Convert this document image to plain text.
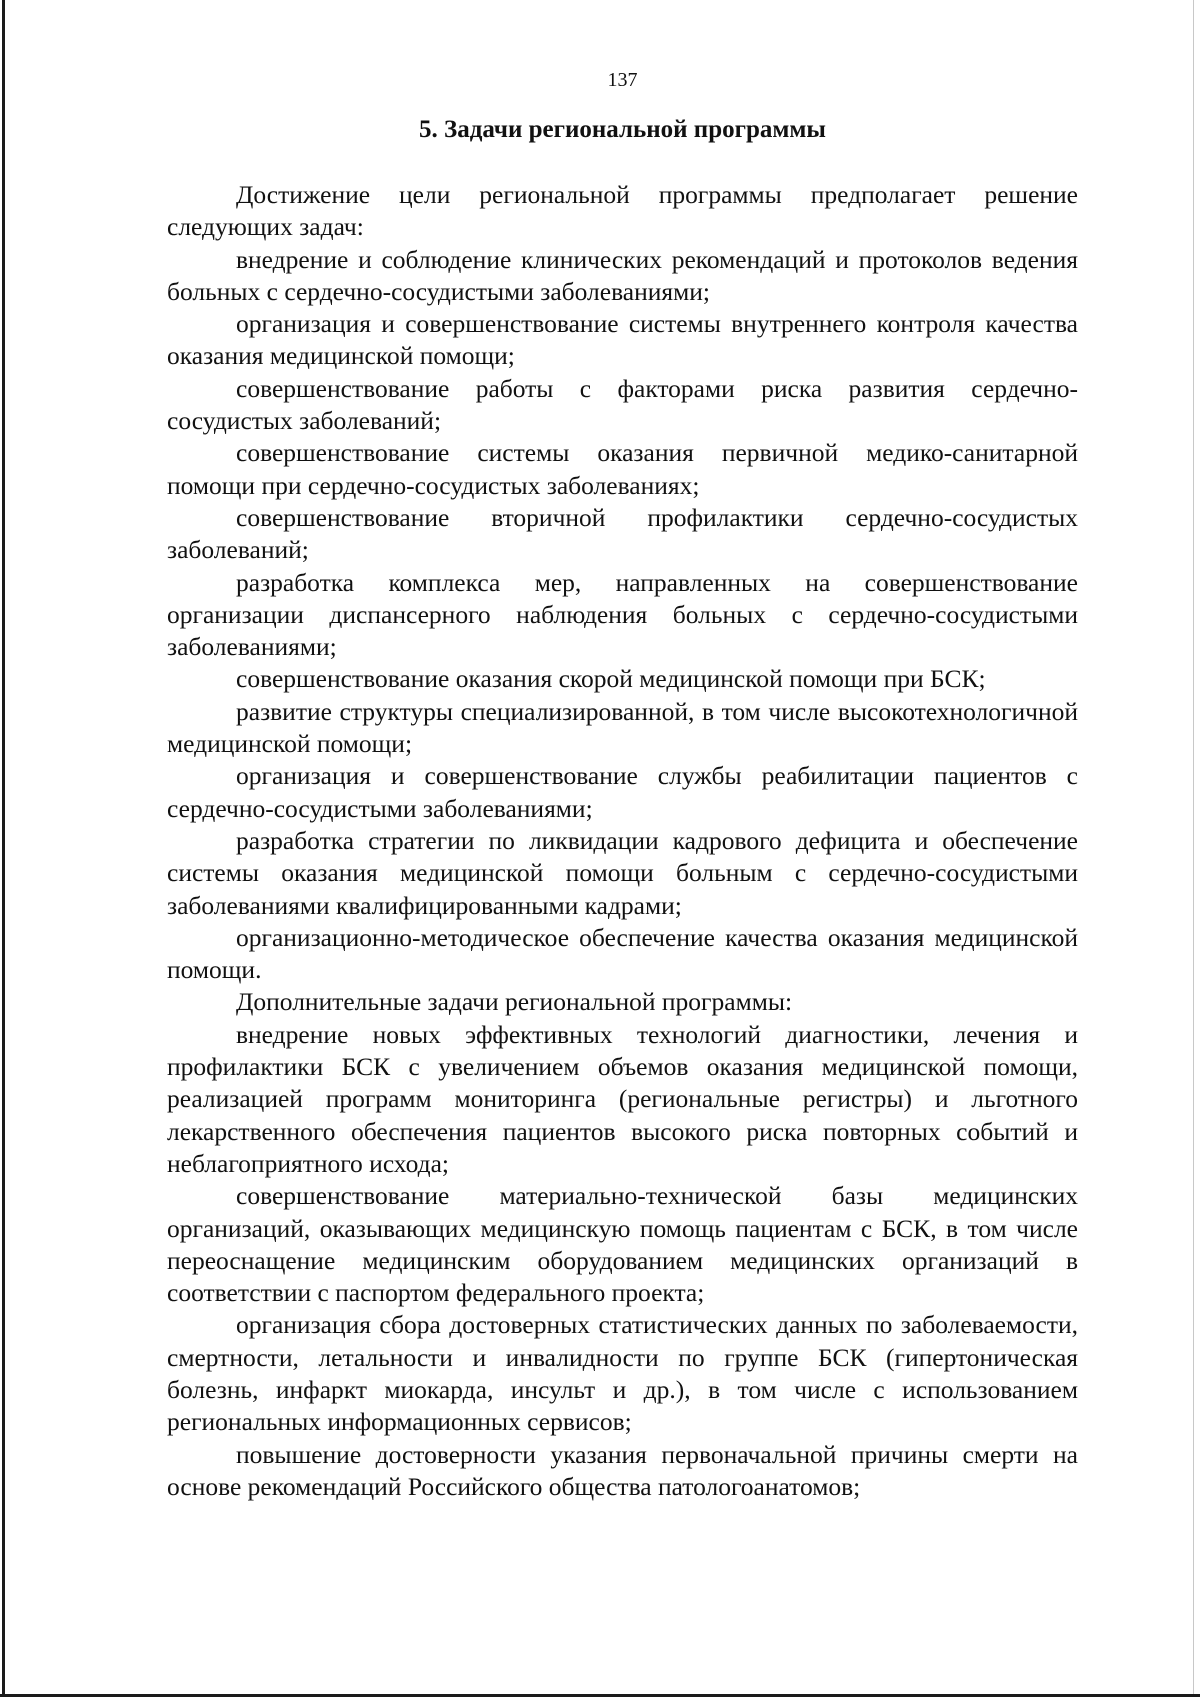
137
5. Задачи региональной программы

Достижение цели региональной программы предполагает решение следующих задач:

внедрение и соблюдение клинических рекомендаций и протоколов ведения больных с сердечно-сосудистыми заболеваниями;

организация и совершенствование системы внутреннего контроля качества оказания медицинской помощи;

совершенствование работы с факторами риска развития сердечно-сосудистых заболеваний;

совершенствование системы оказания первичной медико-санитарной помощи при сердечно-сосудистых заболеваниях;

совершенствование вторичной профилактики сердечно-сосудистых заболеваний;

разработка комплекса мер, направленных на совершенствование организации диспансерного наблюдения больных с сердечно-сосудистыми заболеваниями;

совершенствование оказания скорой медицинской помощи при БСК;

развитие структуры специализированной, в том числе высокотехнологичной медицинской помощи;

организация и совершенствование службы реабилитации пациентов с сердечно-сосудистыми заболеваниями;

разработка стратегии по ликвидации кадрового дефицита и обеспечение системы оказания медицинской помощи больным с сердечно-сосудистыми заболеваниями квалифицированными кадрами;

организационно-методическое обеспечение качества оказания медицинской помощи.

Дополнительные задачи региональной программы:

внедрение новых эффективных технологий диагностики, лечения и профилактики БСК с увеличением объемов оказания медицинской помощи, реализацией программ мониторинга (региональные регистры) и льготного лекарственного обеспечения пациентов высокого риска повторных событий и неблагоприятного исхода;

совершенствование материально-технической базы медицинских организаций, оказывающих медицинскую помощь пациентам с БСК, в том числе переоснащение медицинским оборудованием медицинских организаций в соответствии с паспортом федерального проекта;

организация сбора достоверных статистических данных по заболеваемости, смертности, летальности и инвалидности по группе БСК (гипертоническая болезнь, инфаркт миокарда, инсульт и др.), в том числе с использованием региональных информационных сервисов;

повышение достоверности указания первоначальной причины смерти на основе рекомендаций Российского общества патологоанатомов;
